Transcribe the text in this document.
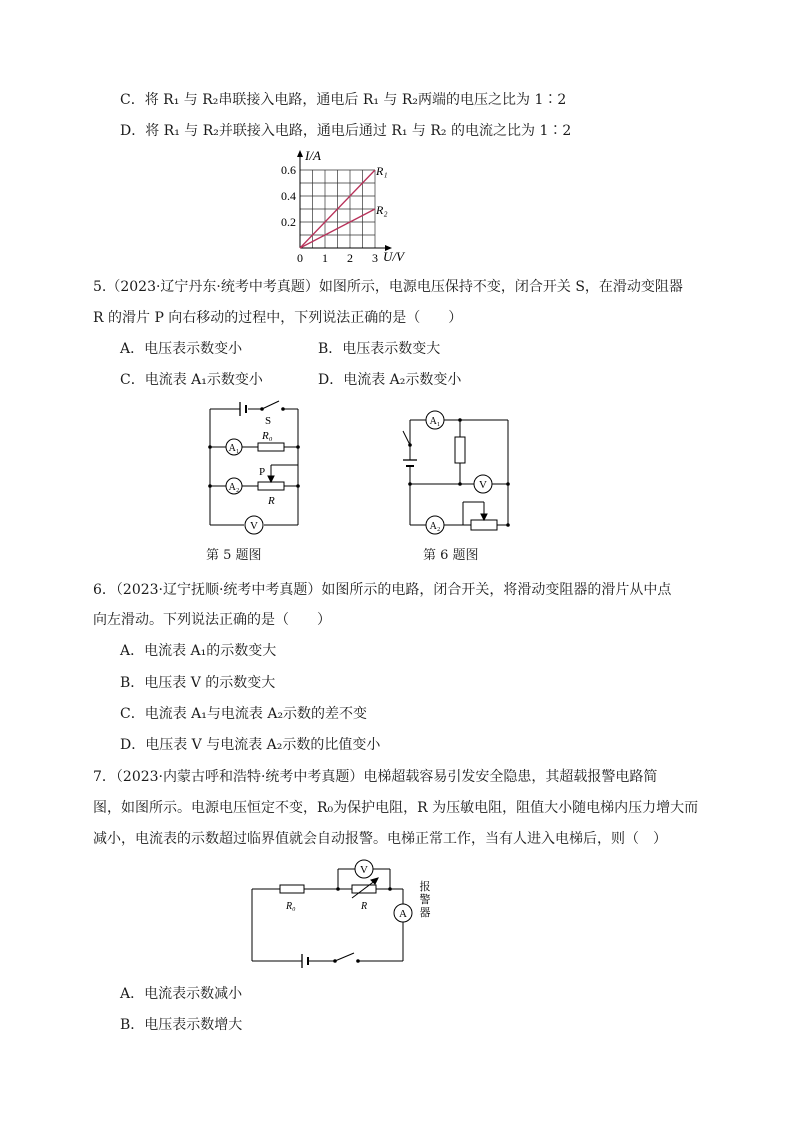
C．将 R₁ 与 R₂串联接入电路，通电后 R₁ 与 R₂两端的电压之比为 1∶2
D．将 R₁ 与 R₂并联接入电路，通电后通过 R₁ 与 R₂ 的电流之比为 1∶2
I/A
U/V
0.6
0.4
0.2
0 1 2 3
R₁
R₂
5.（2023·辽宁丹东·统考中考真题）如图所示，电源电压保持不变，闭合开关 S，在滑动变阻器
R 的滑片 P 向右移动的过程中，下列说法正确的是（　　）
A．电压表示数变小	B．电压表示数变大
C．电流表 A₁示数变小	D．电流表 A₂示数变小
A₁
A₂
V
S
R₀
P
R
第 5 题图
A₁
V
A₂
第 6 题图
6．（2023·辽宁抚顺·统考中考真题）如图所示的电路，闭合开关，将滑动变阻器的滑片从中点
向左滑动。下列说法正确的是（　　）
A．电流表 A₁的示数变大
B．电压表 V 的示数变大
C．电流表 A₁与电流表 A₂示数的差不变
D．电压表 V 与电流表 A₂示数的比值变小
7．（2023·内蒙古呼和浩特·统考中考真题）电梯超载容易引发安全隐患，其超载报警电路简
图，如图所示。电源电压恒定不变，R₀为保护电阻，R 为压敏电阻，阻值大小随电梯内压力增大而
减小，电流表的示数超过临界值就会自动报警。电梯正常工作，当有人进入电梯后，则（　）
V
A
R₀	R
报警器
A．电流表示数减小
B．电压表示数增大
